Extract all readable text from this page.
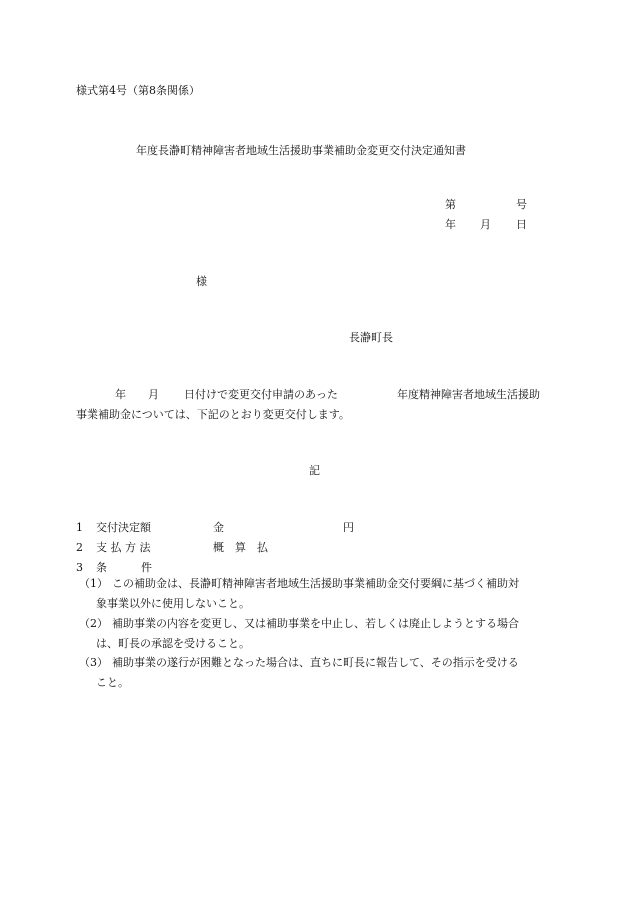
様式第4号（第8条関係）
年度長瀞町精神障害者地域生活援助事業補助金変更交付決定通知書
第	号
年 月 日
様
長瀞町長
年 月 日付けで変更交付申請のあった	年度精神障害者地域生活援助
事業補助金については、下記のとおり変更交付します。
記
1 交付決定額	金	円
2 支 払 方 法	概　算　払
3 条	件
（1） この補助金は、長瀞町精神障害者地域生活援助事業補助金交付要綱に基づく補助対
象事業以外に使用しないこと。
（2） 補助事業の内容を変更し、又は補助事業を中止し、若しくは廃止しようとする場合
は、町長の承認を受けること。
（3） 補助事業の遂行が困難となった場合は、直ちに町長に報告して、その指示を受ける
こと。
